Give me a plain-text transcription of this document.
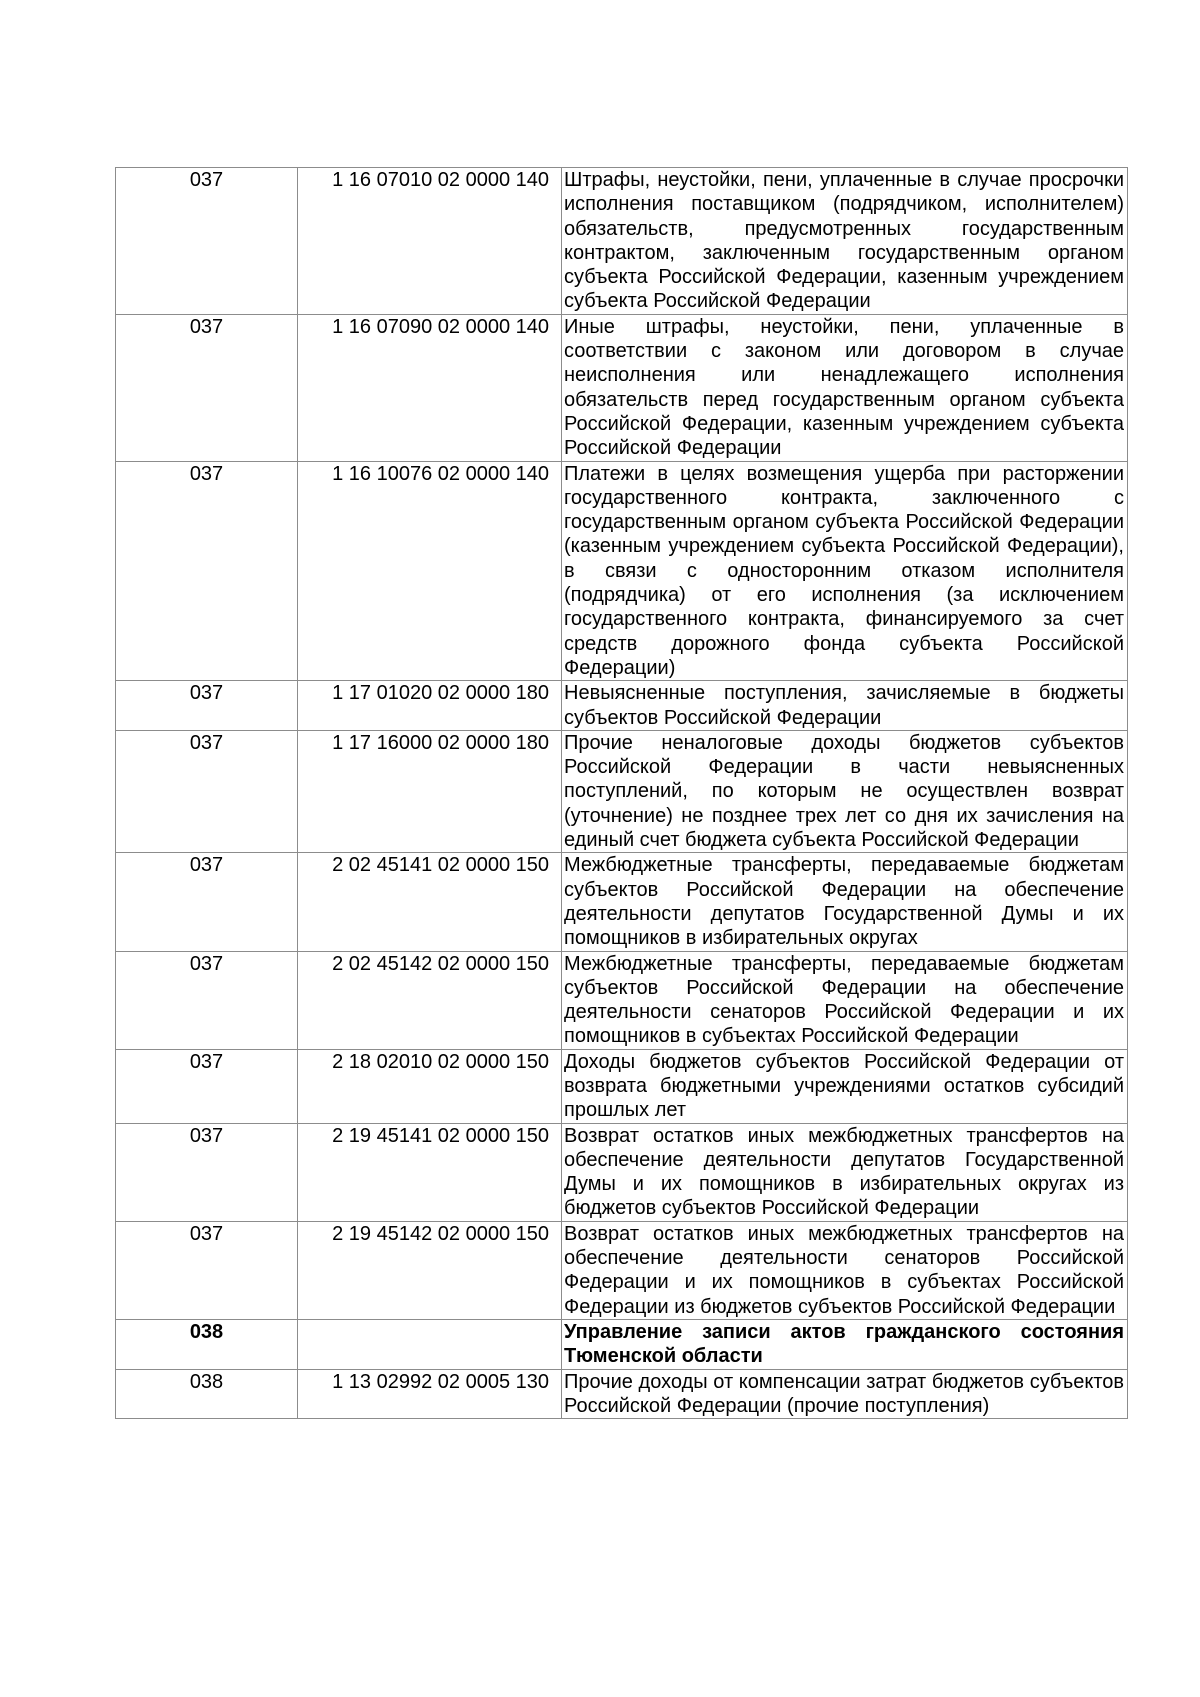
037	1 16 07010 02 0000 140	Штрафы, неустойки, пени, уплаченные в случае просрочки исполнения поставщиком (подрядчиком, исполнителем) обязательств, предусмотренных государственным контрактом, заключенным государственным органом субъекта Российской Федерации, казенным учреждением субъекта Российской Федерации
037	1 16 07090 02 0000 140	Иные штрафы, неустойки, пени, уплаченные в соответствии с законом или договором в случае неисполнения или ненадлежащего исполнения обязательств перед государственным органом субъекта Российской Федерации, казенным учреждением субъекта Российской Федерации
037	1 16 10076 02 0000 140	Платежи в целях возмещения ущерба при расторжении государственного контракта, заключенного с государственным органом субъекта Российской Федерации (казенным учреждением субъекта Российской Федерации), в связи с односторонним отказом исполнителя (подрядчика) от его исполнения (за исключением государственного контракта, финансируемого за счет средств дорожного фонда субъекта Российской Федерации)
037	1 17 01020 02 0000 180	Невыясненные поступления, зачисляемые в бюджеты субъектов Российской Федерации
037	1 17 16000 02 0000 180	Прочие неналоговые доходы бюджетов субъектов Российской Федерации в части невыясненных поступлений, по которым не осуществлен возврат (уточнение) не позднее трех лет со дня их зачисления на единый счет бюджета субъекта Российской Федерации
037	2 02 45141 02 0000 150	Межбюджетные трансферты, передаваемые бюджетам субъектов Российской Федерации на обеспечение деятельности депутатов Государственной Думы и их помощников в избирательных округах
037	2 02 45142 02 0000 150	Межбюджетные трансферты, передаваемые бюджетам субъектов Российской Федерации на обеспечение деятельности сенаторов Российской Федерации и их помощников в субъектах Российской Федерации
037	2 18 02010 02 0000 150	Доходы бюджетов субъектов Российской Федерации от возврата бюджетными учреждениями остатков субсидий прошлых лет
037	2 19 45141 02 0000 150	Возврат остатков иных межбюджетных трансфертов на обеспечение деятельности депутатов Государственной Думы и их помощников в избирательных округах из бюджетов субъектов Российской Федерации
037	2 19 45142 02 0000 150	Возврат остатков иных межбюджетных трансфертов на обеспечение деятельности сенаторов Российской Федерации и их помощников в субъектах Российской Федерации из бюджетов субъектов Российской Федерации
038		Управление записи актов гражданского состояния Тюменской области
038	1 13 02992 02 0005 130	Прочие доходы от компенсации затрат бюджетов субъектов Российской Федерации (прочие поступления)
